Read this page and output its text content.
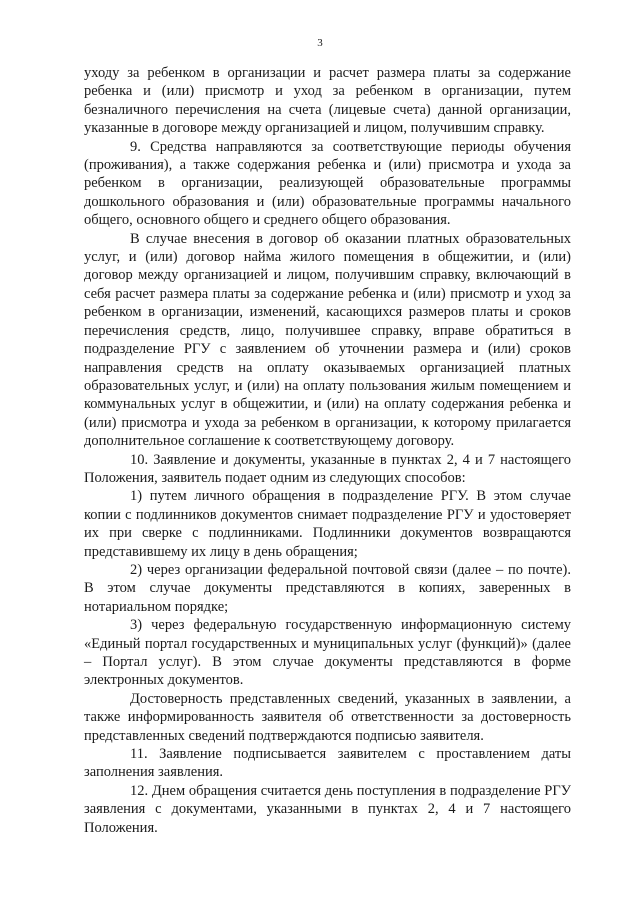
3

уходу за ребенком в организации и расчет размера платы за содержание ребенка и (или) присмотр и уход за ребенком в организации, путем безналичного перечисления на счета (лицевые счета) данной организации, указанные в договоре между организацией и лицом, получившим справку.

9. Средства направляются за соответствующие периоды обучения (проживания), а также содержания ребенка и (или) присмотра и ухода за ребенком в организации, реализующей образовательные программы дошкольного образования и (или) образовательные программы начального общего, основного общего и среднего общего образования.

В случае внесения в договор об оказании платных образовательных услуг, и (или) договор найма жилого помещения в общежитии, и (или) договор между организацией и лицом, получившим справку, включающий в себя расчет размера платы за содержание ребенка и (или) присмотр и уход за ребенком в организации, изменений, касающихся размеров платы и сроков перечисления средств, лицо, получившее справку, вправе обратиться в подразделение РГУ с заявлением об уточнении размера и (или) сроков направления средств на оплату оказываемых организацией платных образовательных услуг, и (или) на оплату пользования жилым помещением и коммунальных услуг в общежитии, и (или) на оплату содержания ребенка и (или) присмотра и ухода за ребенком в организации, к которому прилагается дополнительное соглашение к соответствующему договору.

10. Заявление и документы, указанные в пунктах 2, 4 и 7 настоящего Положения, заявитель подает одним из следующих способов:

1) путем личного обращения в подразделение РГУ. В этом случае копии с подлинников документов снимает подразделение РГУ и удостоверяет их при сверке с подлинниками. Подлинники документов возвращаются представившему их лицу в день обращения;

2) через организации федеральной почтовой связи (далее – по почте). В этом случае документы представляются в копиях, заверенных в нотариальном порядке;

3) через федеральную государственную информационную систему «Единый портал государственных и муниципальных услуг (функций)» (далее – Портал услуг). В этом случае документы представляются в форме электронных документов.

Достоверность представленных сведений, указанных в заявлении, а также информированность заявителя об ответственности за достоверность представленных сведений подтверждаются подписью заявителя.

11. Заявление подписывается заявителем с проставлением даты заполнения заявления.

12. Днем обращения считается день поступления в подразделение РГУ заявления с документами, указанными в пунктах 2, 4 и 7 настоящего Положения.
